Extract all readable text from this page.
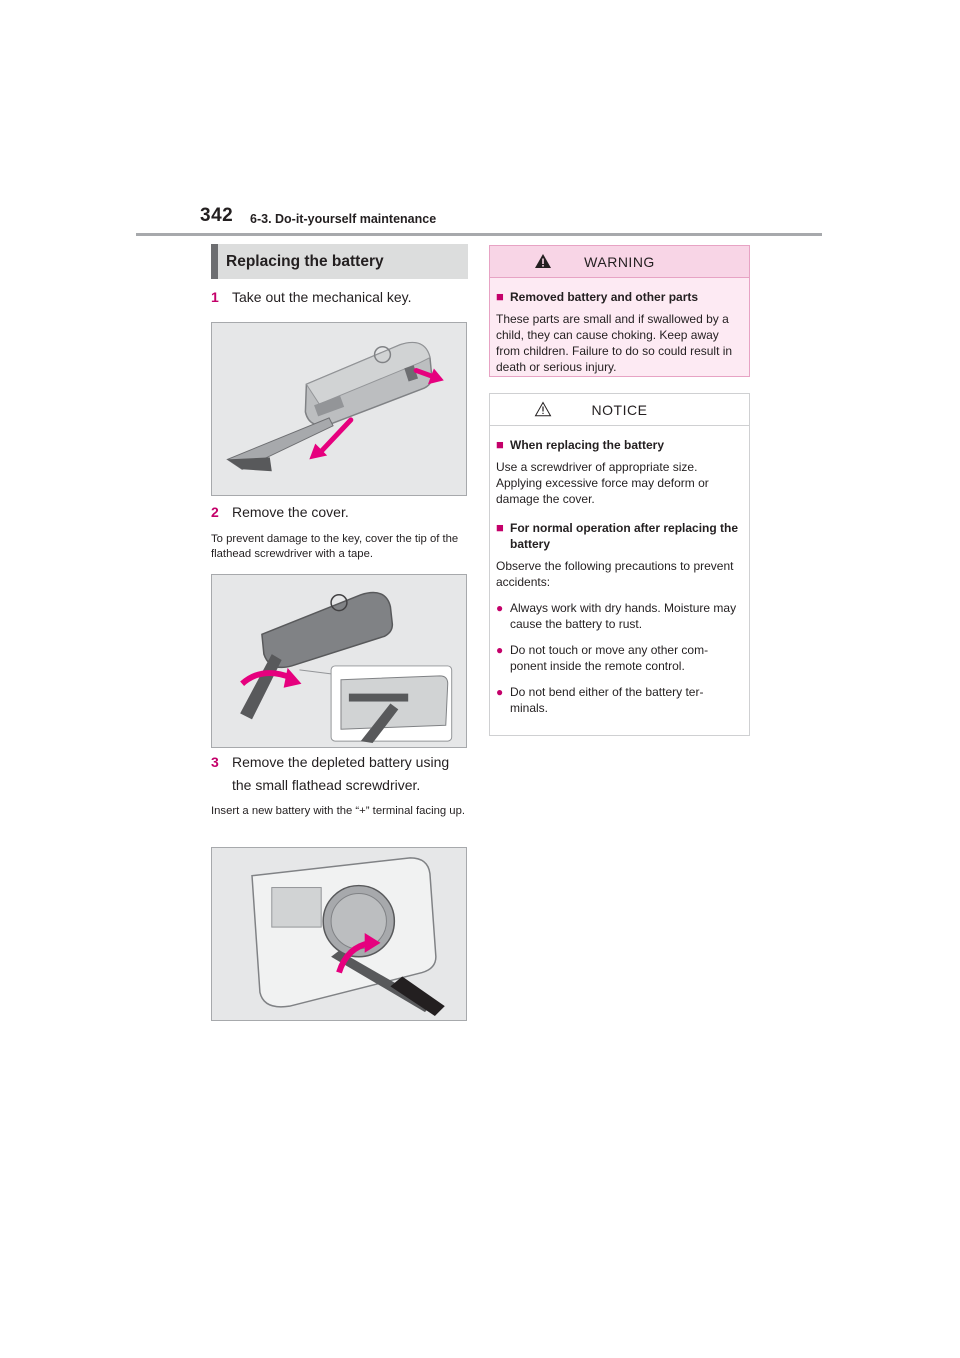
342 6-3. Do-it-yourself maintenance
Replacing the battery
1 Take out the mechanical key.
2 Remove the cover.
To prevent damage to the key, cover the tip of the flathead screwdriver with a tape.
3 Remove the depleted battery using the small flathead screwdriver.
Insert a new battery with the “+” terminal facing up.
WARNING
■ Removed battery and other parts
These parts are small and if swallowed by a child, they can cause choking. Keep away from children. Failure to do so could result in death or serious injury.
NOTICE
■ When replacing the battery
Use a screwdriver of appropriate size. Applying excessive force may deform or damage the cover.
■ For normal operation after replacing the battery
Observe the following precautions to prevent accidents:
● Always work with dry hands. Moisture may cause the battery to rust.
● Do not touch or move any other com- ponent inside the remote control.
● Do not bend either of the battery ter- minals.
